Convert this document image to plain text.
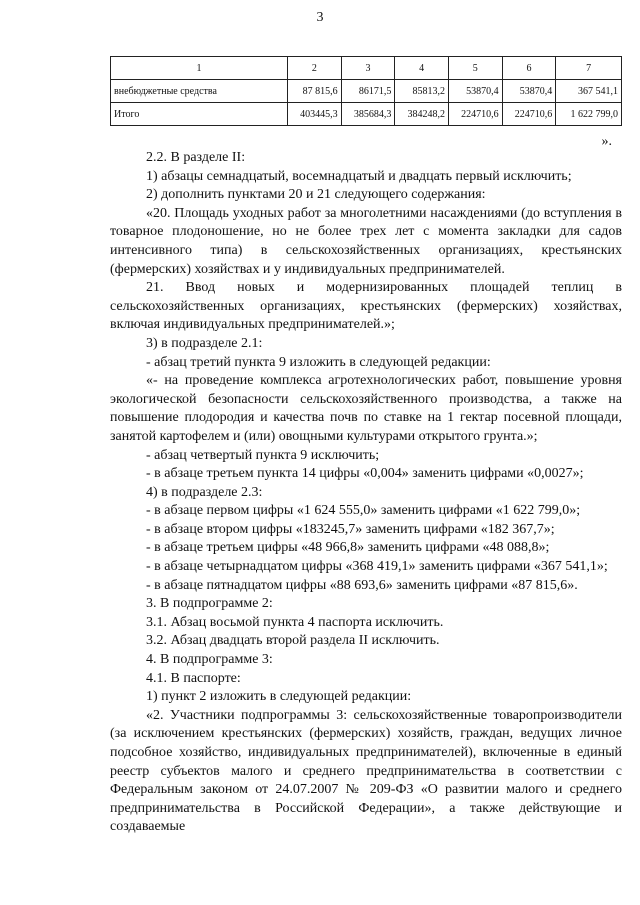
3
1	2	3	4	5	6	7
внебюджетные средства	87 815,6	86171,5	85813,2	53870,4	53870,4	367 541,1
Итого	403445,3	385684,3	384248,2	224710,6	224710,6	1 622 799,0
».

2.2. В разделе II:

1) абзацы семнадцатый, восемнадцатый и двадцать первый исключить;

2) дополнить пунктами 20 и 21 следующего содержания:

«20. Площадь уходных работ за многолетними насаждениями (до вступления в товарное плодоношение, но не более трех лет с момента закладки для садов интенсивного типа) в сельскохозяйственных организациях, крестьянских (фермерских) хозяйствах и у индивидуальных предпринимателей.

21. Ввод новых и модернизированных площадей теплиц в сельскохозяйственных организациях, крестьянских (фермерских) хозяйствах, включая индивидуальных предпринимателей.»;

3) в подразделе 2.1:

- абзац третий пункта 9 изложить в следующей редакции:

«- на проведение комплекса агротехнологических работ, повышение уровня экологической безопасности сельскохозяйственного производства, а также на повышение плодородия и качества почв по ставке на 1 гектар посевной площади, занятой картофелем и (или) овощными культурами открытого грунта.»;

- абзац четвертый пункта 9 исключить;

- в абзаце третьем пункта 14 цифры «0,004» заменить цифрами «0,0027»;

4) в подразделе 2.3:

- в абзаце первом цифры «1 624 555,0» заменить цифрами «1 622 799,0»;

- в абзаце втором цифры «183245,7» заменить цифрами «182 367,7»;

- в абзаце третьем цифры «48 966,8» заменить цифрами «48 088,8»;

- в абзаце четырнадцатом цифры «368 419,1» заменить цифрами «367 541,1»;

- в абзаце пятнадцатом цифры «88 693,6» заменить цифрами «87 815,6».

3. В подпрограмме 2:

3.1. Абзац восьмой пункта 4 паспорта исключить.

3.2. Абзац двадцать второй раздела II исключить.

4. В подпрограмме 3:

4.1. В паспорте:

1) пункт 2 изложить в следующей редакции:

«2. Участники подпрограммы 3: сельскохозяйственные товаропроизводители (за исключением крестьянских (фермерских) хозяйств, граждан, ведущих личное подсобное хозяйство, индивидуальных предпринимателей), включенные в единый реестр субъектов малого и среднего предпринимательства в соответствии с Федеральным законом от 24.07.2007 № 209-ФЗ «О развитии малого и среднего предпринимательства в Российской Федерации», а также действующие и создаваемые
